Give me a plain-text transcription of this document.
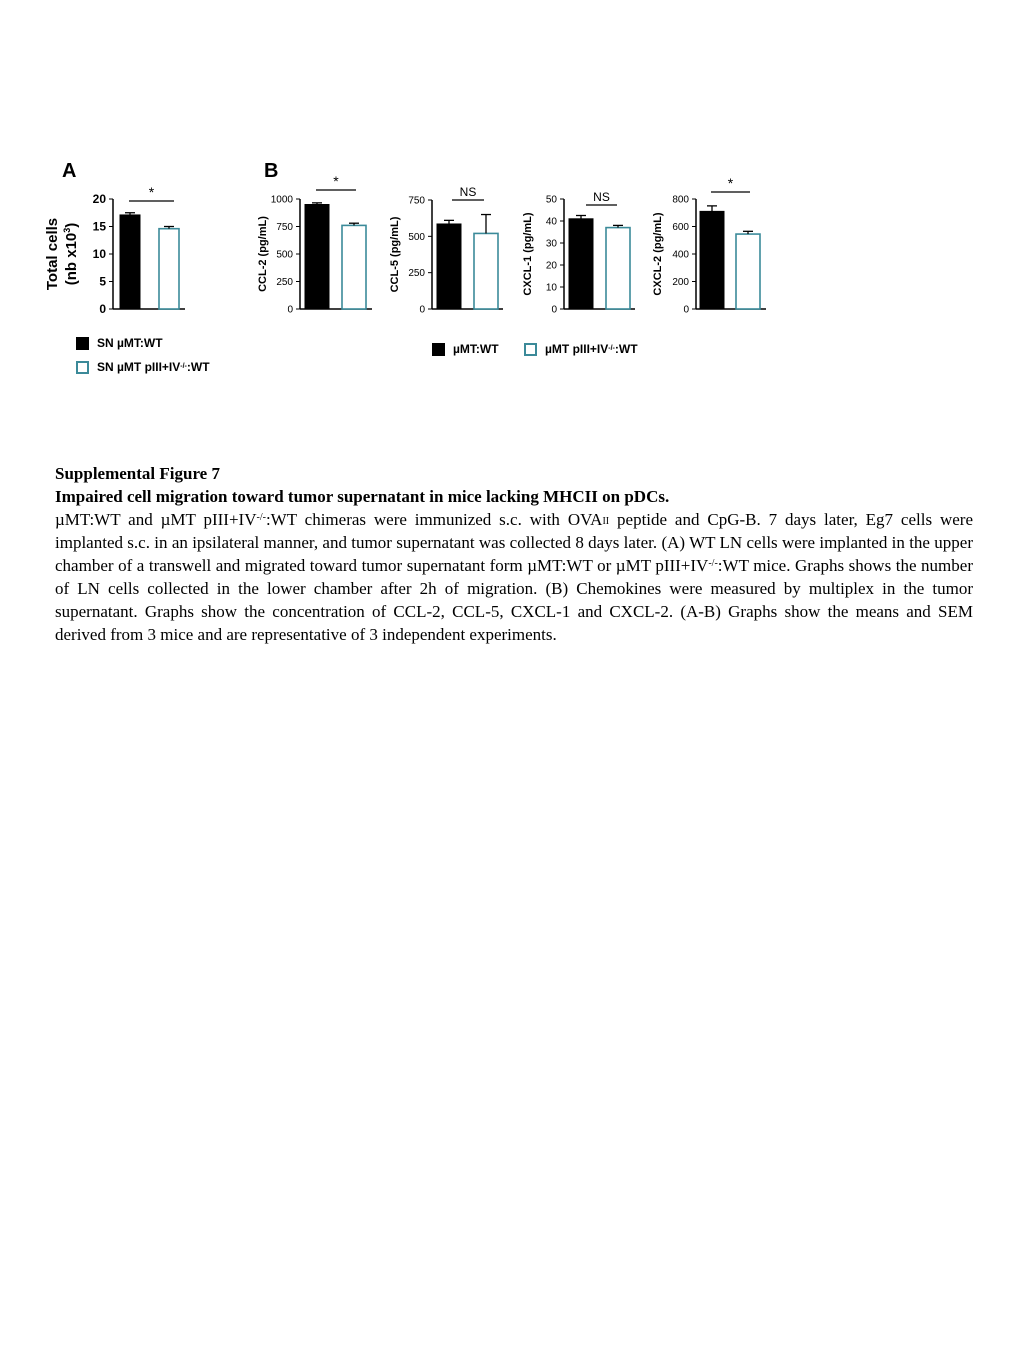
A	B
0
5
10
15
20	*
Total cells (nb $x10^3$)
0
250
500
750
1000
*
CCL-2 (pg/mL)
0
250
500
750
NS
CCL-5 (pg/mL)
0
10
20
30
40
50	NS
CXCL-1 (pg/mL)
0
200
400
600
800
*
CXCL-2 (pg/mL)
SN µMT:WT
SN µMT pIII+IV-/- :WT
µMT:WT	µMT pIII+IV-/- :WT
Supplemental Figure 7
Impaired cell migration toward tumor supernatant in mice lacking MHCII on pDCs.

µMT:WT and µMT pIII+IV-/-:WT chimeras were immunized s.c. with $OVA_{II}$ peptide and CpG-B. 7 days later, Eg7 cells were implanted s.c. in an ipsilateral manner, and tumor supernatant was collected 8 days later. (A) WT LN cells were implanted in the upper chamber of a transwell and migrated toward tumor supernatant form µMT:WT or µMT pIII+IV-/-:WT mice. Graphs shows the number of LN cells collected in the lower chamber after 2h of migration. (B) Chemokines were measured by multiplex in the tumor supernatant. Graphs show the concentration of CCL-2, CCL-5, CXCL-1 and CXCL-2. (A-B) Graphs show the means and SEM derived from 3 mice and are representative of 3 independent experiments.
